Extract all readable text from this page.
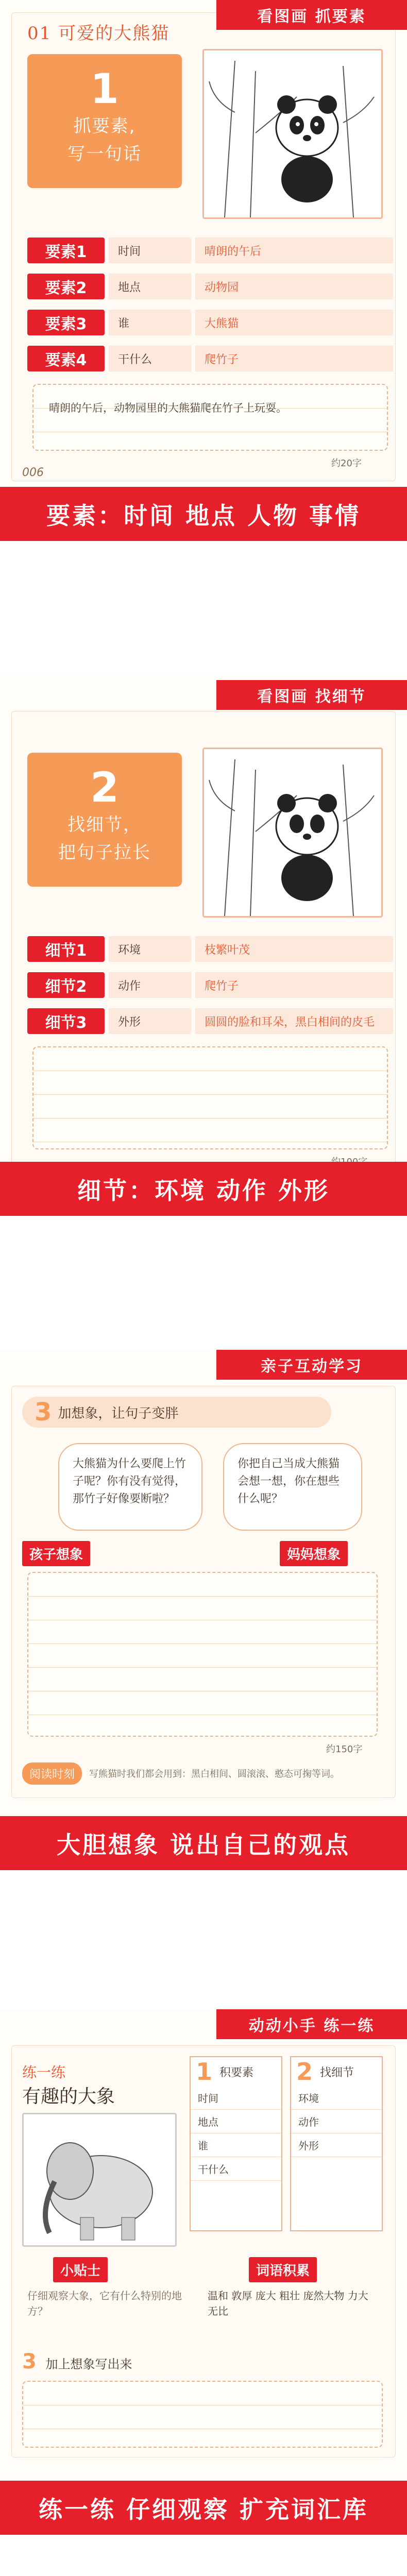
01 可爱的大熊猫
1
抓要素,
写一句话
要素1	时间	晴朗的午后
要素2	地点	动物园
要素3	谁	大熊猫
要素4	干什么	爬竹子
晴朗的午后，动物园里的大熊猫爬在竹子上玩耍。
约20字
006
要素：时间 地点 人物 事情
看图画 抓要素
2
找细节，
把句子拉长
细节1	环境	枝繁叶茂
细节2	动作	爬竹子
细节3	外形	圆圆的脸和耳朵，黑白相间的皮毛
看图画 找细节
细节：环境 动作 外形
亲子互动学习
3 加想象，让句子变胖
大熊猫为什么要爬上竹子呢？你有没有觉得，那竹子好像要断啦？
你把自己当成大熊猫会想一想，你在想些什么呢？
孩子想象	妈妈想象
约150字
阅读时刻	写熊猫时我们都会用到：黑白相间、圆滚滚、憨态可掬等词。
大胆想象 说出自己的观点
动动小手 练一练
练一练
有趣的大象
1 积要素
时间
地点
谁
干什么
2 找细节
环境
动作
外形
小贴士	词语积累
仔细观察大象，它有什么特别的地方？
温和 敦厚 庞大 粗壮 庞然大物 力大无比
3 加上想象写出来
练一练 仔细观察 扩充词汇库
